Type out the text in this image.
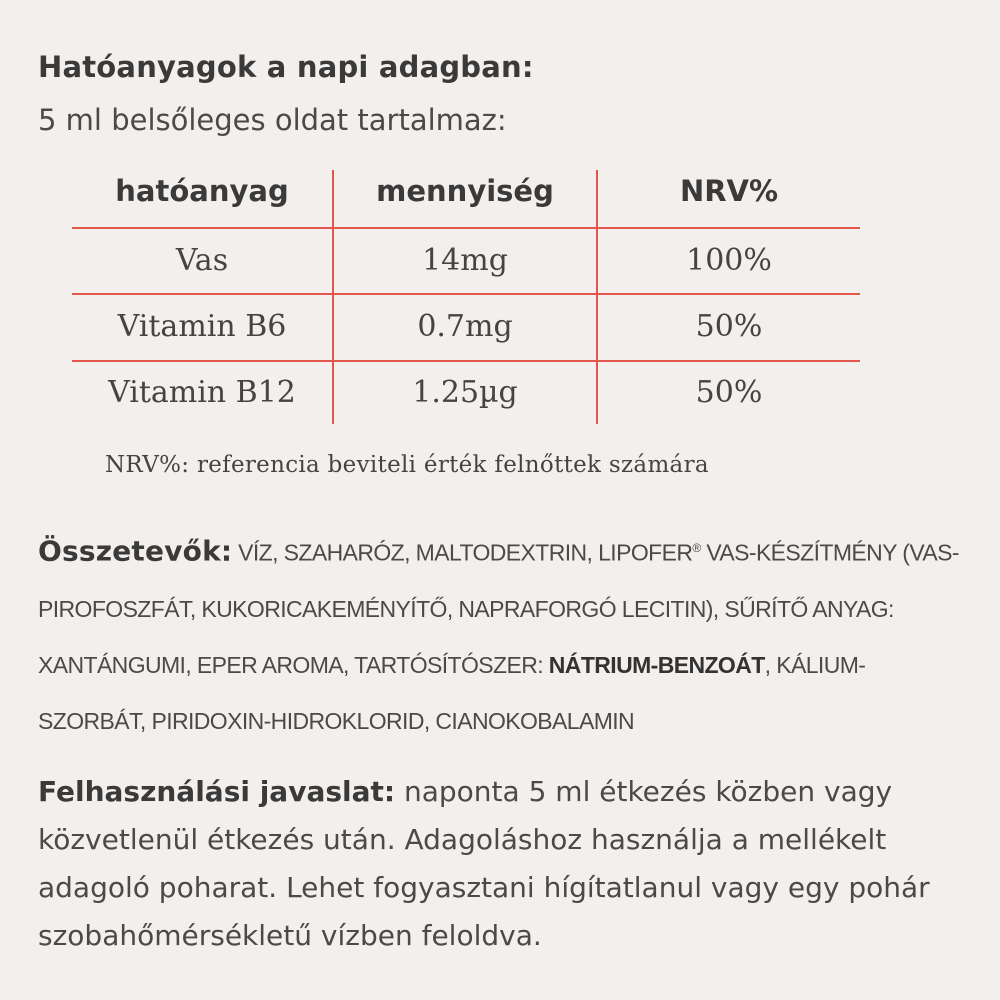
Hatóanyagok a napi adagban:
5 ml belsőleges oldat tartalmaz:
hatóanyag	mennyiség	NRV%
Vas	14mg	100%
Vitamin B6	0.7mg	50%
Vitamin B12	1.25µg	50%
NRV%: referencia beviteli érték felnőttek számára
Összetevők: VÍZ, SZAHARÓZ, MALTODEXTRIN, LIPOFER® VAS-KÉSZÍTMÉNY (VAS-PIROFOSZFÁT, KUKORICAKEMÉNYÍTŐ, NAPRAFORGÓ LECITIN), SŰRÍTŐ ANYAG: XANTÁNGUMI, EPER AROMA, TARTÓSÍTÓSZER: NÁTRIUM-BENZOÁT, KÁLIUM-SZORBÁT, PIRIDOXIN-HIDROKLORID, CIANOKOBALAMIN
Felhasználási javaslat: naponta 5 ml étkezés közben vagy közvetlenül étkezés után. Adagoláshoz használja a mellékelt adagoló poharat. Lehet fogyasztani hígítatlanul vagy egy pohár szobahőmérsékletű vízben feloldva.
